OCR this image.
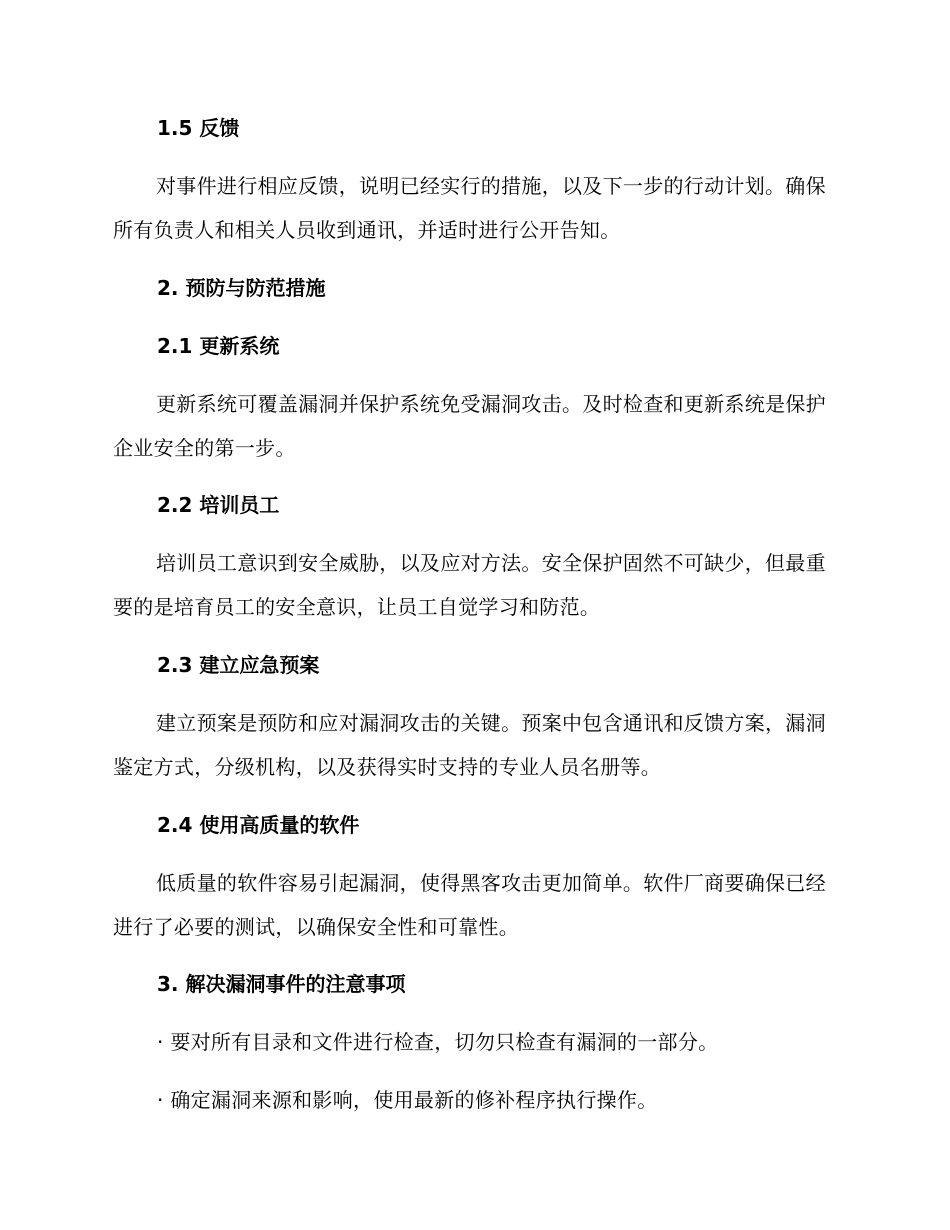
1.5 反馈

对事件进行相应反馈，说明已经实行的措施，以及下一步的行动计划。确保所有负责人和相关人员收到通讯，并适时进行公开告知。

2. 预防与防范措施
2.1 更新系统

更新系统可覆盖漏洞并保护系统免受漏洞攻击。及时检查和更新系统是保护企业安全的第一步。

2.2 培训员工

培训员工意识到安全威胁，以及应对方法。安全保护固然不可缺少，但最重要的是培育员工的安全意识，让员工自觉学习和防范。

2.3 建立应急预案

建立预案是预防和应对漏洞攻击的关键。预案中包含通讯和反馈方案，漏洞鉴定方式，分级机构，以及获得实时支持的专业人员名册等。

2.4 使用高质量的软件

低质量的软件容易引起漏洞，使得黑客攻击更加简单。软件厂商要确保已经进行了必要的测试，以确保安全性和可靠性。

3. 解决漏洞事件的注意事项
· 要对所有目录和文件进行检查，切勿只检查有漏洞的一部分。
· 确定漏洞来源和影响，使用最新的修补程序执行操作。
